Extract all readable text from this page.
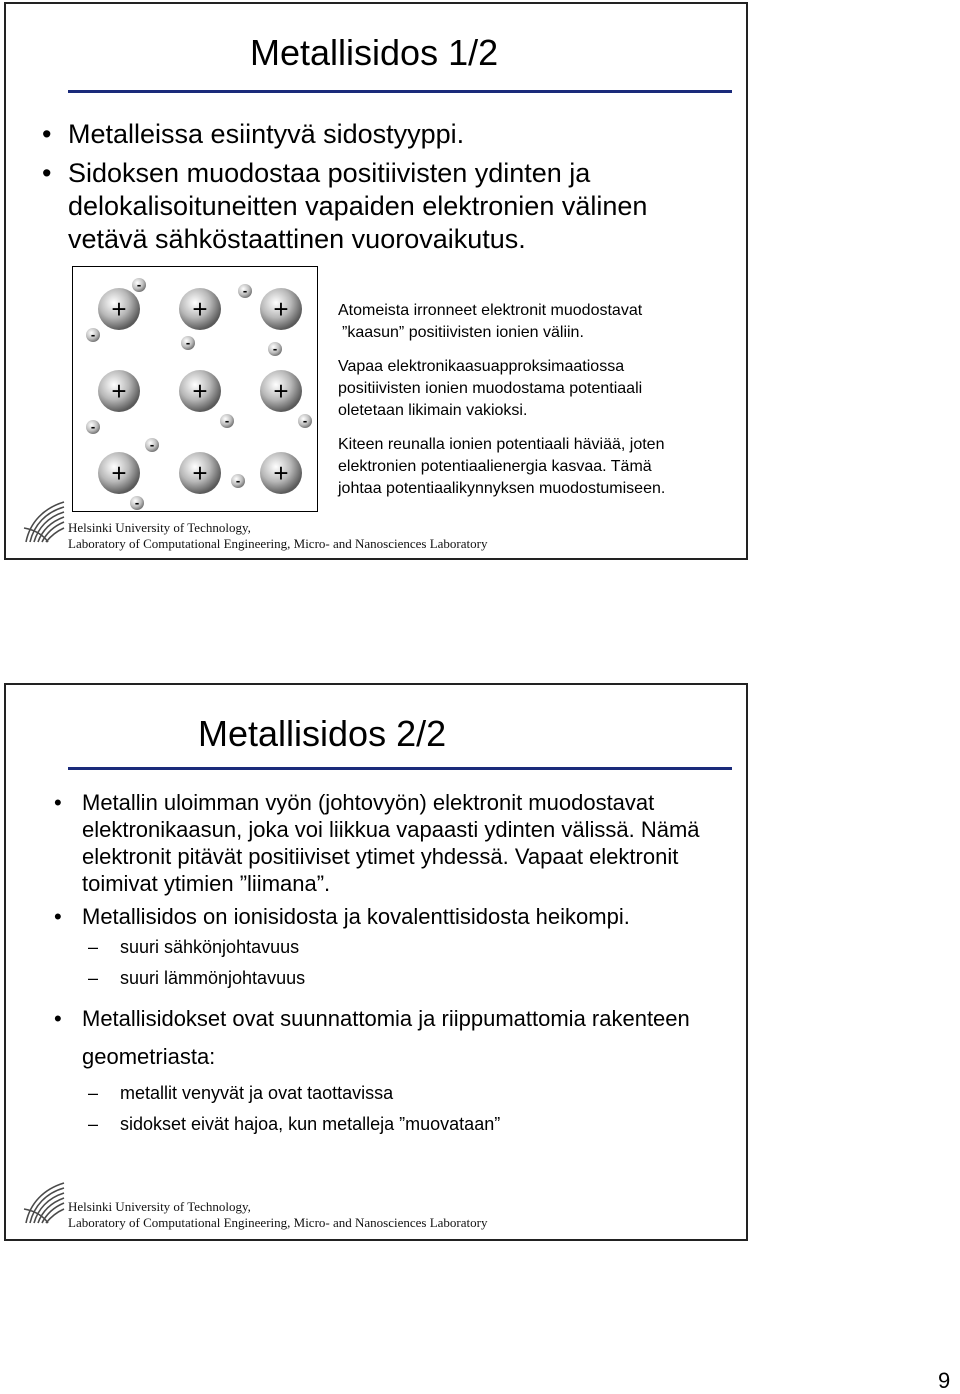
Metallisidos 1/2
• Metalleissa esiintyvä sidostyyppi.
• Sidoksen muodostaa positiivisten ydinten ja delokalisoituneitten vapaiden elektronien välinen vetävä sähköstaattinen vuorovaikutus.
+	+	+
+	+	+
+	+	+
-	-
-
-	-
-	-	-
-
-
-

Atomeista irronneet elektronit muodostavat
”kaasun” positiivisten ionien väliin.

Vapaa elektronikaasuapproksimaatiossa
positiivisten ionien muodostama potentiaali
oletetaan likimain vakioksi.

Kiteen reunalla ionien potentiaali häviää, joten
elektronien potentiaalienergia kasvaa. Tämä
johtaa potentiaalikynnyksen muodostumiseen.

Helsinki University of Technology,
Laboratory of Computational Engineering, Micro- and Nanosciences Laboratory
Metallisidos 2/2
• Metallin uloimman vyön (johtovyön) elektronit muodostavat elektronikaasun, joka voi liikkua vapaasti ydinten välissä. Nämä elektronit pitävät positiiviset ytimet yhdessä. Vapaat elektronit toimivat ytimien ”liimana”.
• Metallisidos on ionisidosta ja kovalenttisidosta heikompi.
– suuri sähkönjohtavuus
– suuri lämmönjohtavuus
• Metallisidokset ovat suunnattomia ja riippumattomia rakenteen geometriasta:
– metallit venyvät ja ovat taottavissa
– sidokset eivät hajoa, kun metalleja ”muovataan”
Helsinki University of Technology,
Laboratory of Computational Engineering, Micro- and Nanosciences Laboratory
9
